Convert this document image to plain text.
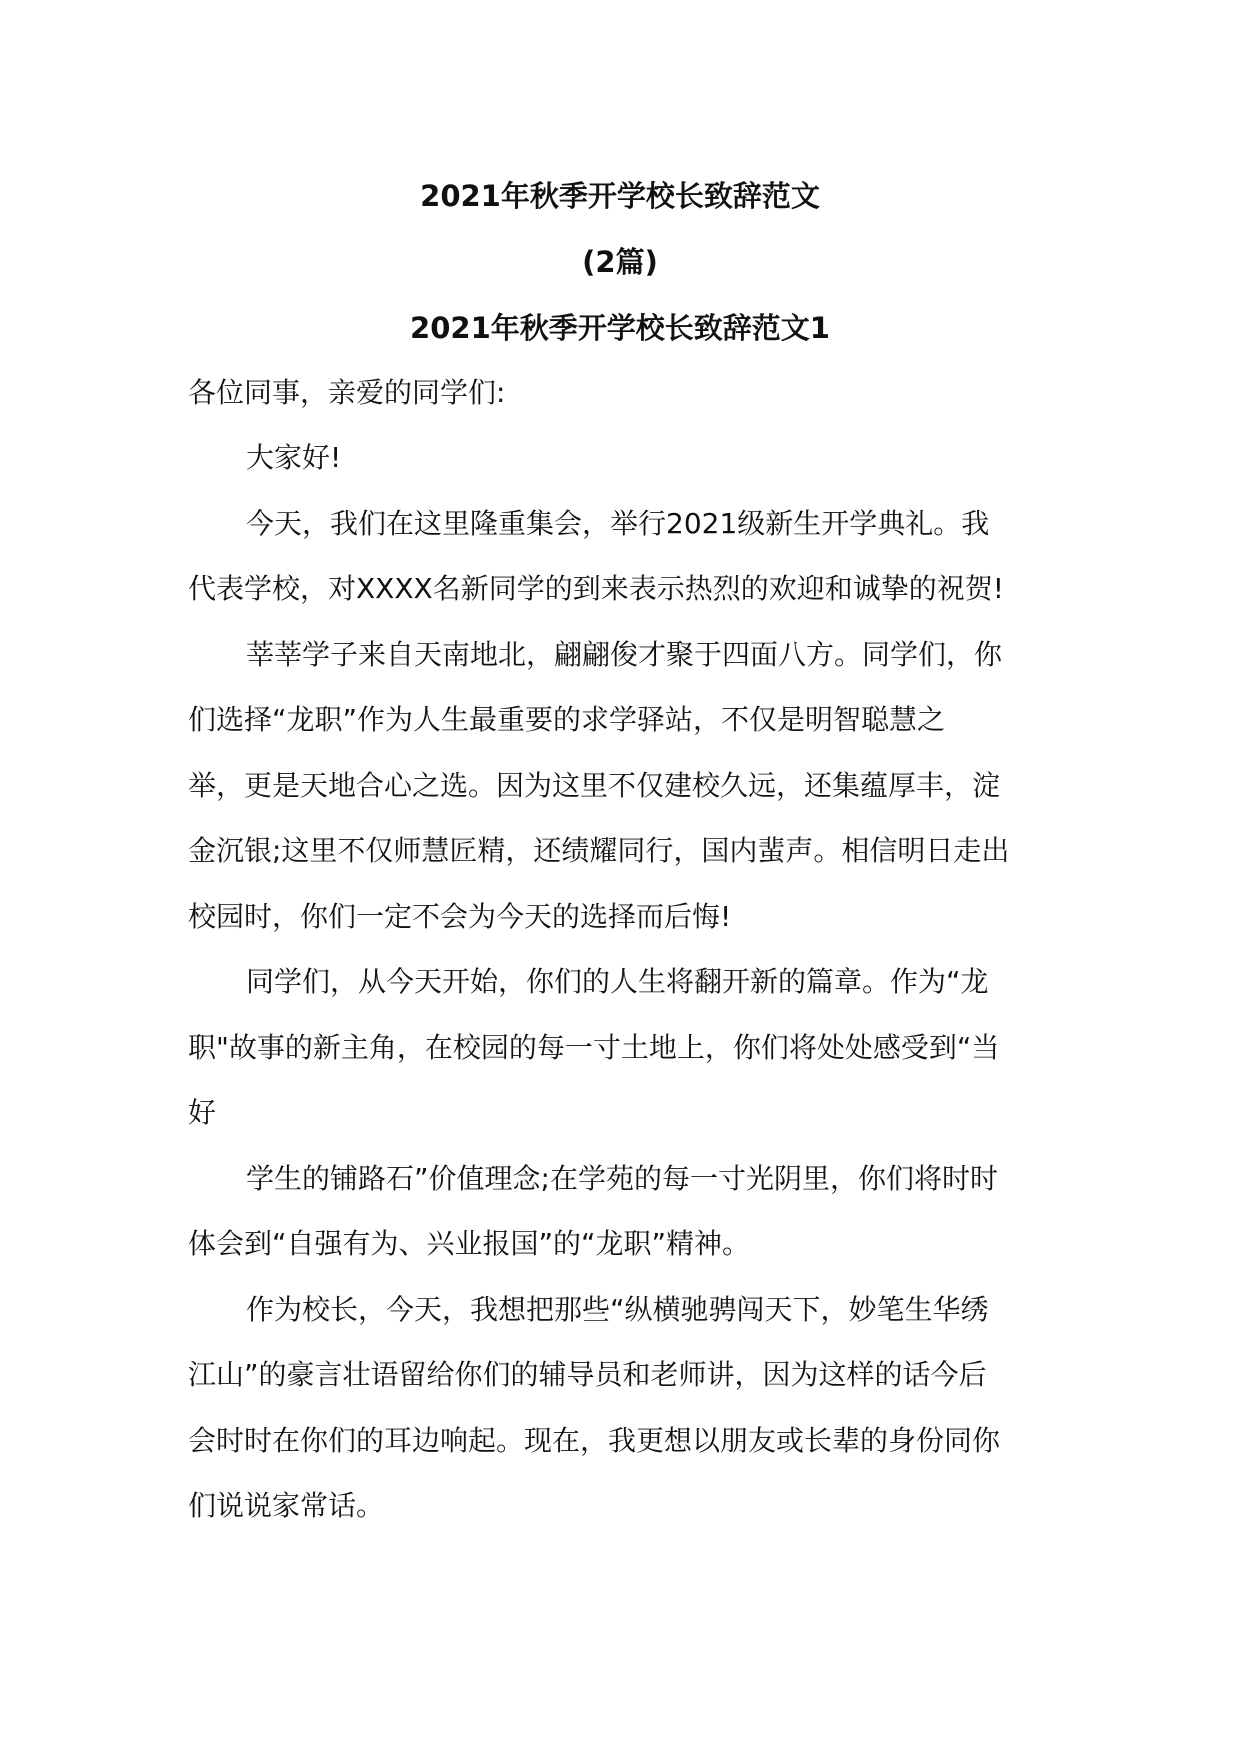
2021年秋季开学校长致辞范文
(2篇)
2021年秋季开学校长致辞范文1
各位同事，亲爱的同学们:
大家好!
今天，我们在这里隆重集会，举行2021级新生开学典礼。我
代表学校，对XXXX名新同学的到来表示热烈的欢迎和诚挚的祝贺!
莘莘学子来自天南地北，翩翩俊才聚于四面八方。同学们，你
们选择“龙职”作为人生最重要的求学驿站，不仅是明智聪慧之
举，更是天地合心之选。因为这里不仅建校久远，还集蕴厚丰，淀
金沉银;这里不仅师慧匠精，还绩耀同行，国内蜚声。相信明日走出
校园时，你们一定不会为今天的选择而后悔!
同学们，从今天开始，你们的人生将翻开新的篇章。作为“龙
职"故事的新主角，在校园的每一寸土地上，你们将处处感受到“当
好
学生的铺路石”价值理念;在学苑的每一寸光阴里，你们将时时
体会到“自强有为、兴业报国”的“龙职”精神。
作为校长，今天，我想把那些“纵横驰骋闯天下，妙笔生华绣
江山”的豪言壮语留给你们的辅导员和老师讲，因为这样的话今后
会时时在你们的耳边响起。现在，我更想以朋友或长辈的身份同你
们说说家常话。
